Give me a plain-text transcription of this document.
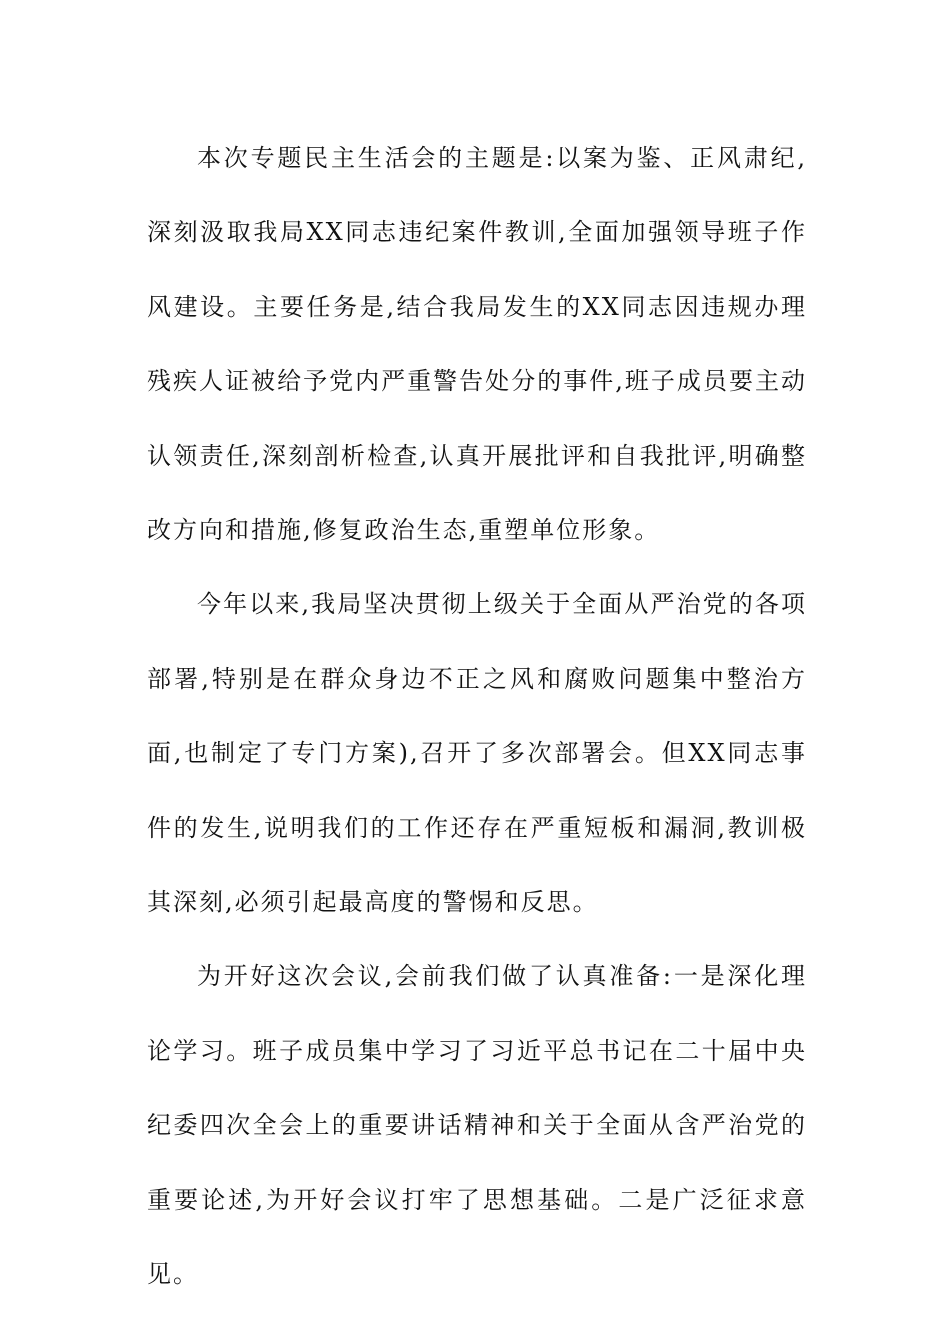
本次专题民主生活会的主题是:以案为鉴、正风肃纪,深刻汲取我局XX同志违纪案件教训,全面加强领导班子作风建设。主要任务是,结合我局发生的XX同志因违规办理残疾人证被给予党内严重警告处分的事件,班子成员要主动认领责任,深刻剖析检查,认真开展批评和自我批评,明确整改方向和措施,修复政治生态,重塑单位形象。

今年以来,我局坚决贯彻上级关于全面从严治党的各项部署,特别是在群众身边不正之风和腐败问题集中整治方面,也制定了专门方案),召开了多次部署会。但XX同志事件的发生,说明我们的工作还存在严重短板和漏洞,教训极其深刻,必须引起最高度的警惕和反思。

为开好这次会议,会前我们做了认真准备:一是深化理论学习。班子成员集中学习了习近平总书记在二十届中央纪委四次全会上的重要讲话精神和关于全面从含严治党的重要论述,为开好会议打牢了思想基础。二是广泛征求意见。
